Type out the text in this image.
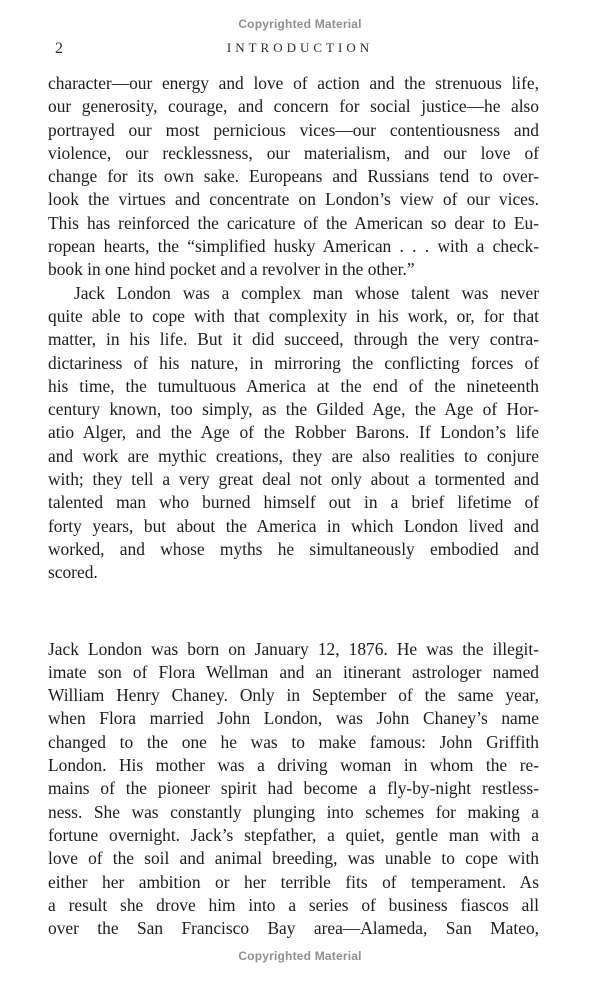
Copyrighted Material
2	INTRODUCTION
character—our energy and love of action and the strenuous life,
our generosity, courage, and concern for social justice—he also
portrayed our most pernicious vices—our contentiousness and
violence, our recklessness, our materialism, and our love of
change for its own sake. Europeans and Russians tend to over-
look the virtues and concentrate on London’s view of our vices.
This has reinforced the caricature of the American so dear to Eu-
ropean hearts, the “simplified husky American . . . with a check-
book in one hind pocket and a revolver in the other.”
Jack London was a complex man whose talent was never
quite able to cope with that complexity in his work, or, for that
matter, in his life. But it did succeed, through the very contra-
dictariness of his nature, in mirroring the conflicting forces of
his time, the tumultuous America at the end of the nineteenth
century known, too simply, as the Gilded Age, the Age of Hor-
atio Alger, and the Age of the Robber Barons. If London’s life
and work are mythic creations, they are also realities to conjure
with; they tell a very great deal not only about a tormented and
talented man who burned himself out in a brief lifetime of
forty years, but about the America in which London lived and
worked, and whose myths he simultaneously embodied and
scored.
Jack London was born on January 12, 1876. He was the illegit-
imate son of Flora Wellman and an itinerant astrologer named
William Henry Chaney. Only in September of the same year,
when Flora married John London, was John Chaney’s name
changed to the one he was to make famous: John Griffith
London. His mother was a driving woman in whom the re-
mains of the pioneer spirit had become a fly-by-night restless-
ness. She was constantly plunging into schemes for making a
fortune overnight. Jack’s stepfather, a quiet, gentle man with a
love of the soil and animal breeding, was unable to cope with
either her ambition or her terrible fits of temperament. As
a result she drove him into a series of business fiascos all
over the San Francisco Bay area—Alameda, San Mateo,
Copyrighted Material
